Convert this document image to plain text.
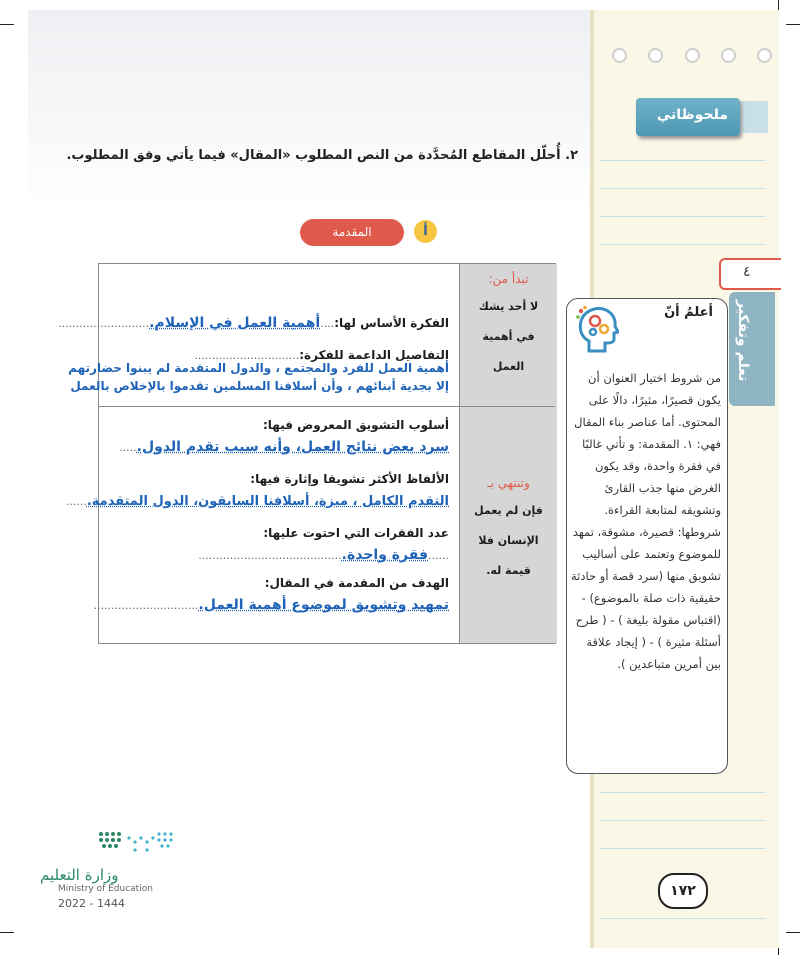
ملحوظاتي
٢. أُحلّل المقاطع المُحدَّدة من النص المطلوب «المقال» فيما يأتي وفق المطلوب.
المقدمة	أ
تبدأ من:
لا أحد يشك
في أهمية
العمل
الفكرة الأساس لها:....أهمية العمل في الإسلام...........................
التفاصيل الداعمة للفكرة:..............................
أهمية العمل للفرد والمجتمع ، والدول المتقدمة لم يبنوا حضارتهم
إلا بجدية أبنائهم ، وأن أسلافنا المسلمين تقدموا بالإخلاص بالعمل
وتنتهي بـ
فإن لم يعمل
الإنسان فلا
قيمة له.
أسلوب التشويق المعروض فيها:
سرد بعض نتائج العمل، وأنه سبب تقدم الدول......
الألفاظ الأكثر تشويقا وإثارة فيها:
التقدم الكامل ، ميزة، أسلافنا السابقون، الدول المتقدمة.......
عدد الفقرات التي احتوت عليها:
......فقرة واحدة..........................................
الهدف من المقدمة في المقال:
تمهيد وتشويق لموضوع أهمية العمل...............................
٤
تعلم وتفكير
أعلمُ أنّ
من شروط اختيار العنوان أن يكون قصيرًا، مثيرًا، دالًا على المحتوى. أما عناصر بناء المقال فهي: ١. المقدمة: و تأتي غالبًا في فقرة واحدة، وقد يكون الغرض منها جذب القارئ وتشويقه لمتابعة القراءة. شروطها: قصيرة، مشوقة، تمهد للموضوع وتعتمد على أساليب تشويق منها (سرد قصة أو حادثة حقيقية ذات صلة بالموضوع) -(اقتباس مقولة بليغة ) - ( طرح أسئلة مثيرة ) - ( إيجاد علاقة بين أمرين متباعدين ).
وزارة التعليم
Ministry of Education
2022 - 1444
١٧٢
